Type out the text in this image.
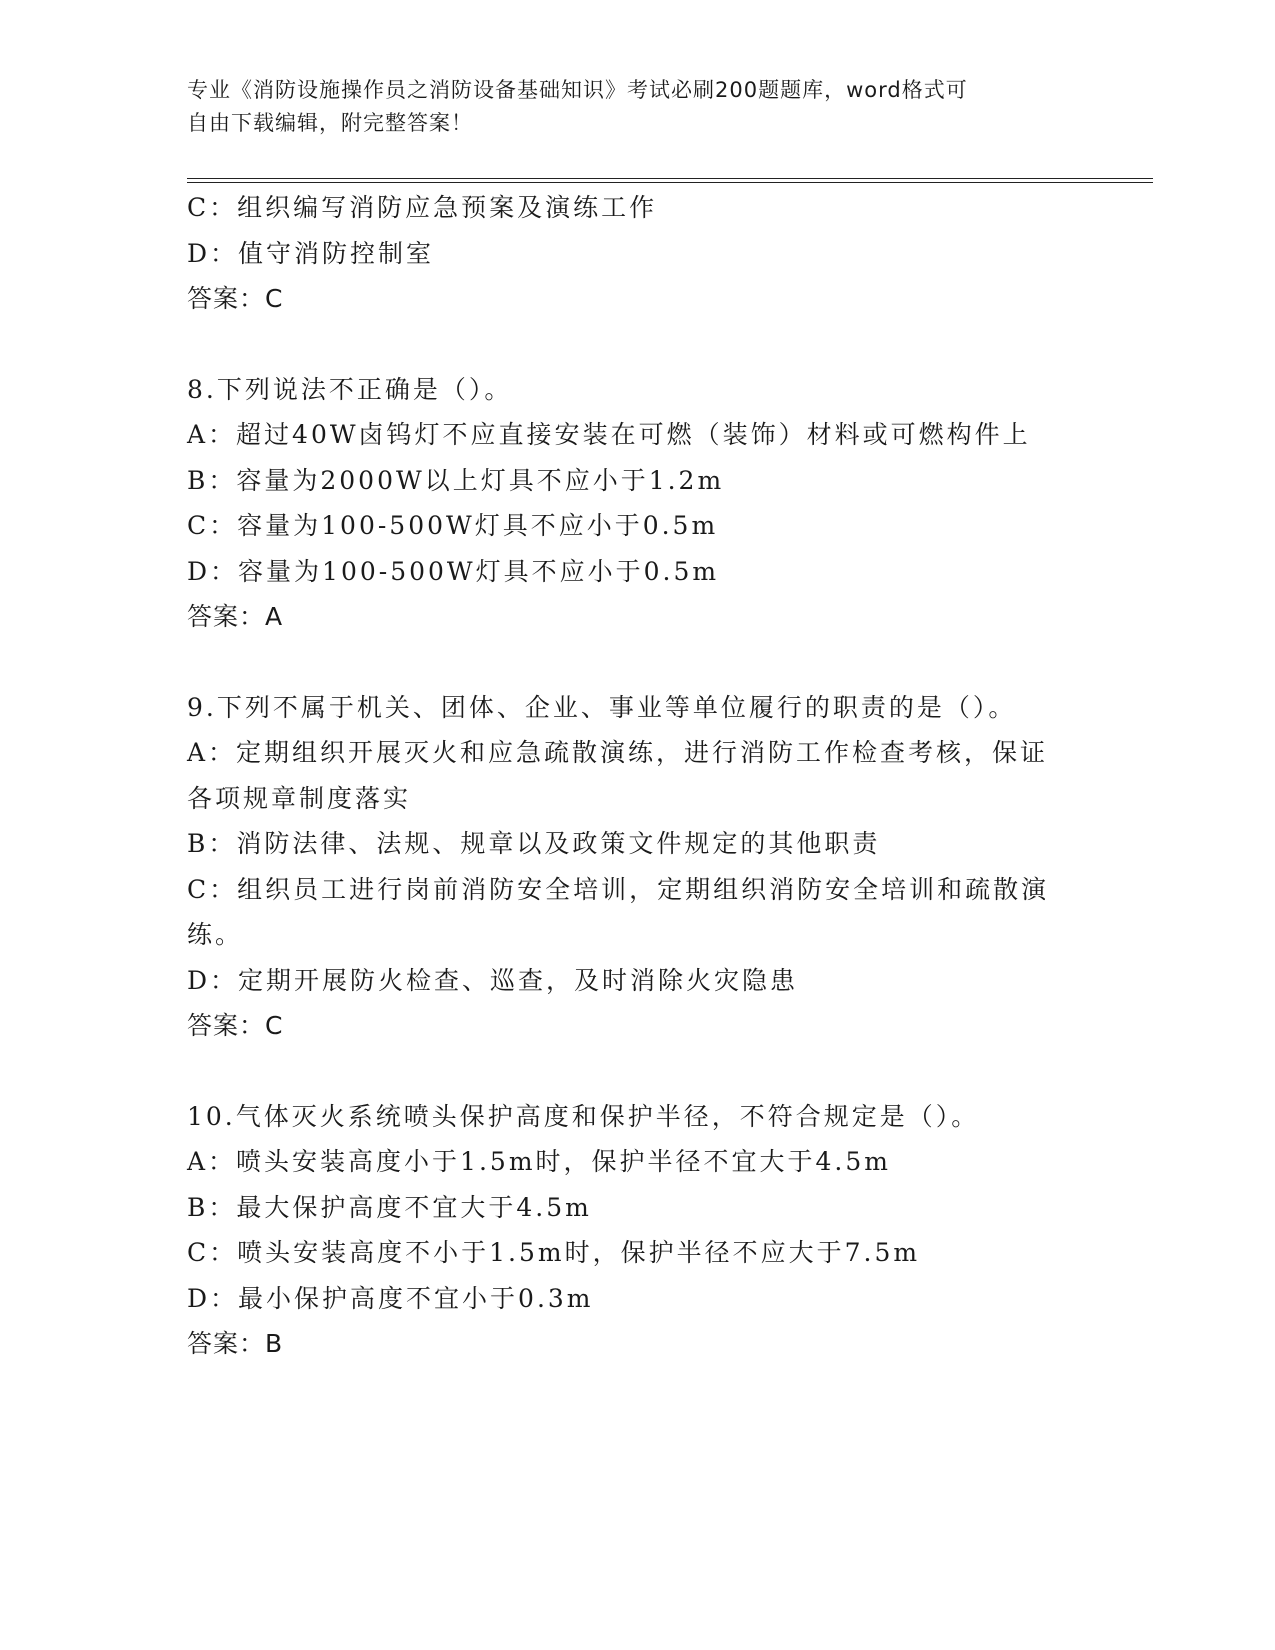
专业《消防设施操作员之消防设备基础知识》考试必刷200题题库，word格式可
自由下载编辑，附完整答案！
C：组织编写消防应急预案及演练工作
D：值守消防控制室
答案：C
8.下列说法不正确是（）。
A：超过40W卤钨灯不应直接安装在可燃（装饰）材料或可燃构件上
B：容量为2000W以上灯具不应小于1.2m
C：容量为100-500W灯具不应小于0.5m
D：容量为100-500W灯具不应小于0.5m
答案：A
9.下列不属于机关、团体、企业、事业等单位履行的职责的是（）。
A：定期组织开展灭火和应急疏散演练，进行消防工作检查考核，保证
各项规章制度落实
B：消防法律、法规、规章以及政策文件规定的其他职责
C：组织员工进行岗前消防安全培训，定期组织消防安全培训和疏散演
练。
D：定期开展防火检查、巡查，及时消除火灾隐患
答案：C
10.气体灭火系统喷头保护高度和保护半径，不符合规定是（）。
A：喷头安装高度小于1.5m时，保护半径不宜大于4.5m
B：最大保护高度不宜大于4.5m
C：喷头安装高度不小于1.5m时，保护半径不应大于7.5m
D：最小保护高度不宜小于0.3m
答案：B
